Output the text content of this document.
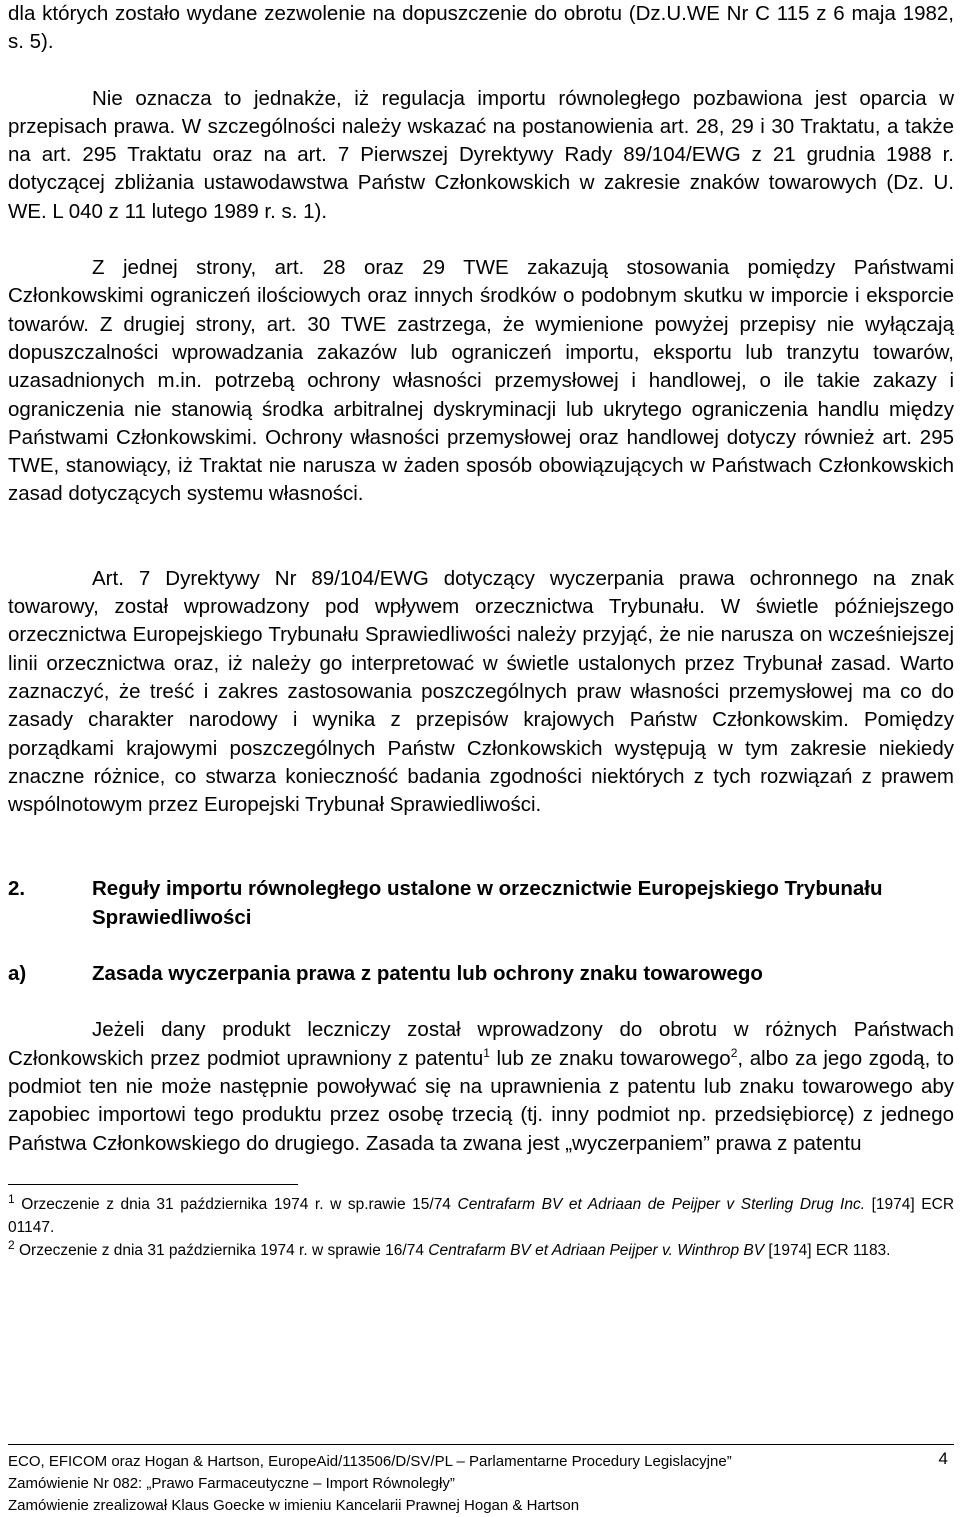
dla których zostało wydane zezwolenie na dopuszczenie do obrotu (Dz.U.WE Nr C 115 z 6 maja 1982, s. 5).

Nie oznacza to jednakże, iż regulacja importu równoległego pozbawiona jest oparcia w przepisach prawa. W szczególności należy wskazać na postanowienia art. 28, 29 i 30 Traktatu, a także na art. 295 Traktatu oraz na art. 7 Pierwszej Dyrektywy Rady 89/104/EWG z 21 grudnia 1988 r. dotyczącej zbliżania ustawodawstwa Państw Członkowskich w zakresie znaków towarowych (Dz. U. WE. L 040 z 11 lutego 1989 r. s. 1).

Z jednej strony, art. 28 oraz 29 TWE zakazują stosowania pomiędzy Państwami Członkowskimi ograniczeń ilościowych oraz innych środków o podobnym skutku w imporcie i eksporcie towarów. Z drugiej strony, art. 30 TWE zastrzega, że wymienione powyżej przepisy nie wyłączają dopuszczalności wprowadzania zakazów lub ograniczeń importu, eksportu lub tranzytu towarów, uzasadnionych m.in. potrzebą ochrony własności przemysłowej i handlowej, o ile takie zakazy i ograniczenia nie stanowią środka arbitralnej dyskryminacji lub ukrytego ograniczenia handlu między Państwami Członkowskimi. Ochrony własności przemysłowej oraz handlowej dotyczy również art. 295 TWE, stanowiący, iż Traktat nie narusza w żaden sposób obowiązujących w Państwach Członkowskich zasad dotyczących systemu własności.

Art. 7 Dyrektywy Nr 89/104/EWG dotyczący wyczerpania prawa ochronnego na znak towarowy, został wprowadzony pod wpływem orzecznictwa Trybunału. W świetle późniejszego orzecznictwa Europejskiego Trybunału Sprawiedliwości należy przyjąć, że nie narusza on wcześniejszej linii orzecznictwa oraz, iż należy go interpretować w świetle ustalonych przez Trybunał zasad. Warto zaznaczyć, że treść i zakres zastosowania poszczególnych praw własności przemysłowej ma co do zasady charakter narodowy i wynika z przepisów krajowych Państw Członkowskim. Pomiędzy porządkami krajowymi poszczególnych Państw Członkowskich występują w tym zakresie niekiedy znaczne różnice, co stwarza konieczność badania zgodności niektórych z tych rozwiązań z prawem wspólnotowym przez Europejski Trybunał Sprawiedliwości.

2.	Reguły importu równoległego ustalone w orzecznictwie Europejskiego Trybunału Sprawiedliwości
a)	Zasada wyczerpania prawa z patentu lub ochrony znaku towarowego

Jeżeli dany produkt leczniczy został wprowadzony do obrotu w różnych Państwach Członkowskich przez podmiot uprawniony z patentu$^1$ lub ze znaku towarowego$^2$, albo za jego zgodą, to podmiot ten nie może następnie powoływać się na uprawnienia z patentu lub znaku towarowego aby zapobiec importowi tego produktu przez osobę trzecią (tj. inny podmiot np. przedsiębiorcę) z jednego Państwa Członkowskiego do drugiego. Zasada ta zwana jest „wyczerpaniem” prawa z patentu

$^1$ Orzeczenie z dnia 31 października 1974 r. w sp.rawie 15/74 Centrafarm BV et Adriaan de Peijper v Sterling Drug Inc. [1974] ECR 01147.

$^2$ Orzeczenie z dnia 31 października 1974 r. w sprawie 16/74 Centrafarm BV et Adriaan Peijper v. Winthrop BV [1974] ECR 1183.

ECO, EFICOM oraz Hogan & Hartson, EuropeAid/113506/D/SV/PL – Parlamentarne Procedury Legislacyjne”
Zamówienie Nr 082: „Prawo Farmaceutyczne – Import Równoległy”
Zamówienie zrealizował Klaus Goecke w imieniu Kancelarii Prawnej Hogan & Hartson
4
